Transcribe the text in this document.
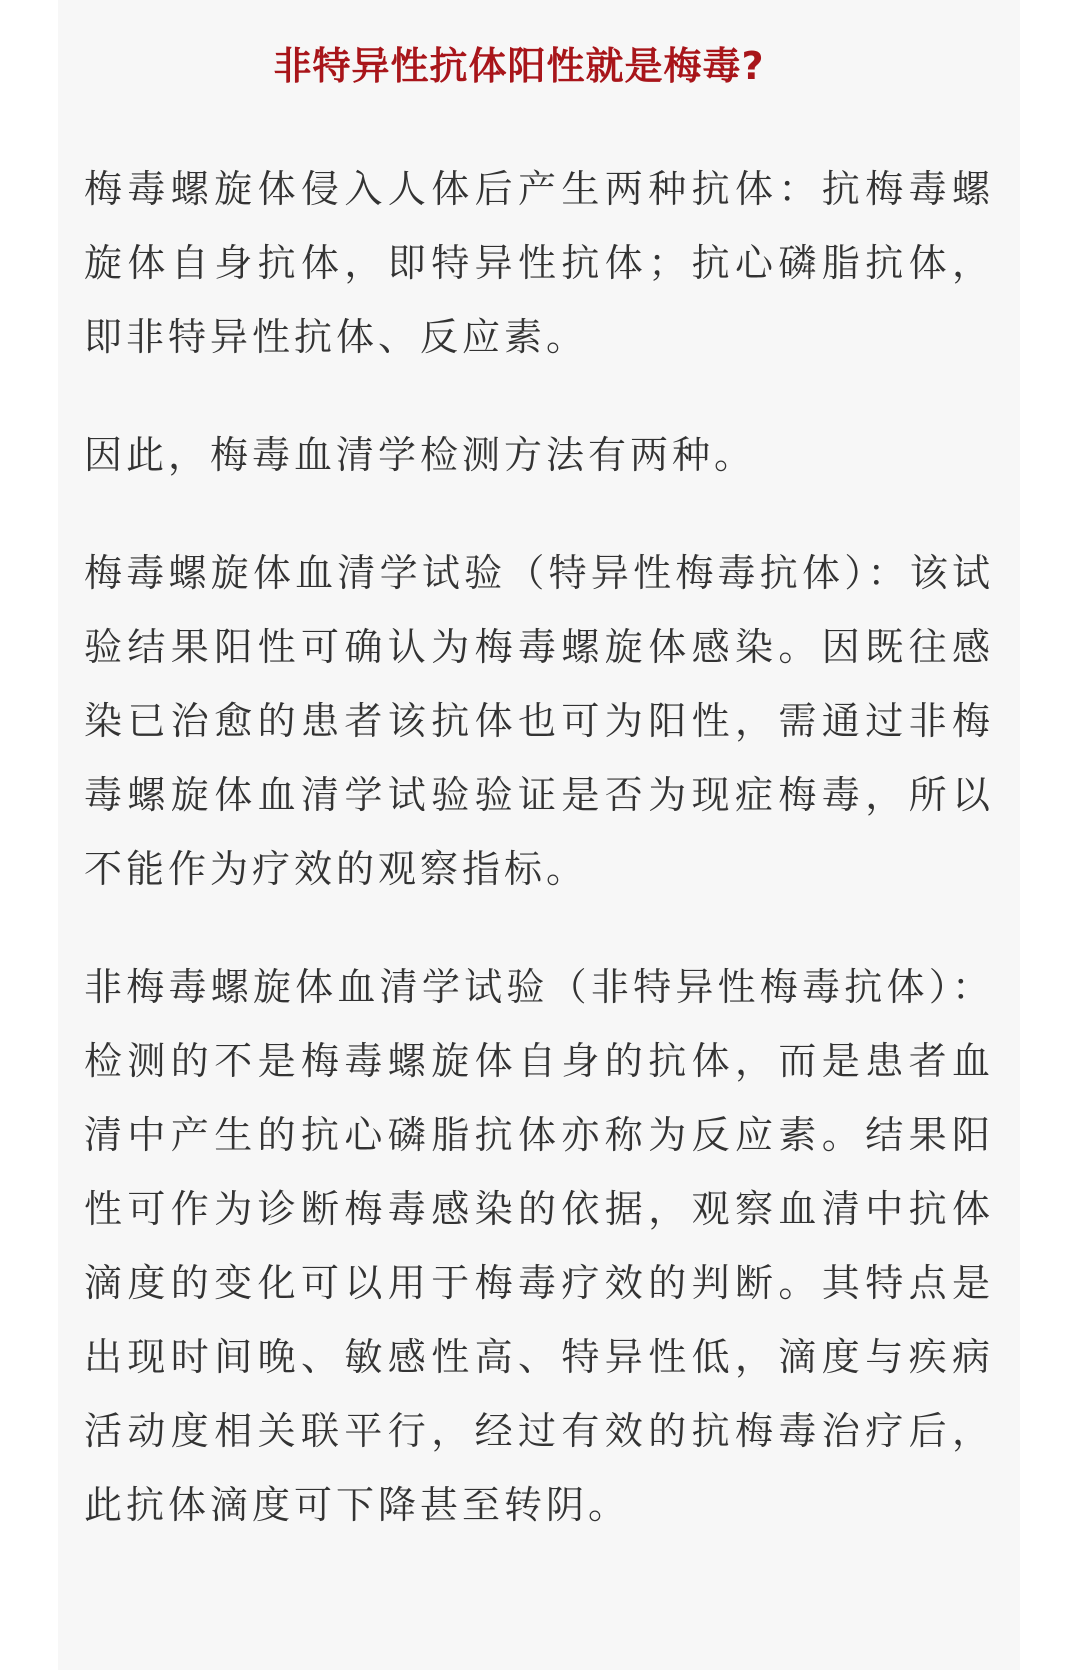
非特异性抗体阳性就是梅毒?

梅毒螺旋体侵入人体后产生两种抗体：抗梅毒螺旋体自身抗体，即特异性抗体；抗心磷脂抗体，即非特异性抗体、反应素。

因此，梅毒血清学检测方法有两种。

梅毒螺旋体血清学试验（特异性梅毒抗体）：该试验结果阳性可确认为梅毒螺旋体感染。因既往感染已治愈的患者该抗体也可为阳性，需通过非梅毒螺旋体血清学试验验证是否为现症梅毒，所以不能作为疗效的观察指标。

非梅毒螺旋体血清学试验（非特异性梅毒抗体）：检测的不是梅毒螺旋体自身的抗体，而是患者血清中产生的抗心磷脂抗体亦称为反应素。结果阳性可作为诊断梅毒感染的依据，观察血清中抗体滴度的变化可以用于梅毒疗效的判断。其特点是出现时间晚、敏感性高、特异性低，滴度与疾病活动度相关联平行，经过有效的抗梅毒治疗后，此抗体滴度可下降甚至转阴。
